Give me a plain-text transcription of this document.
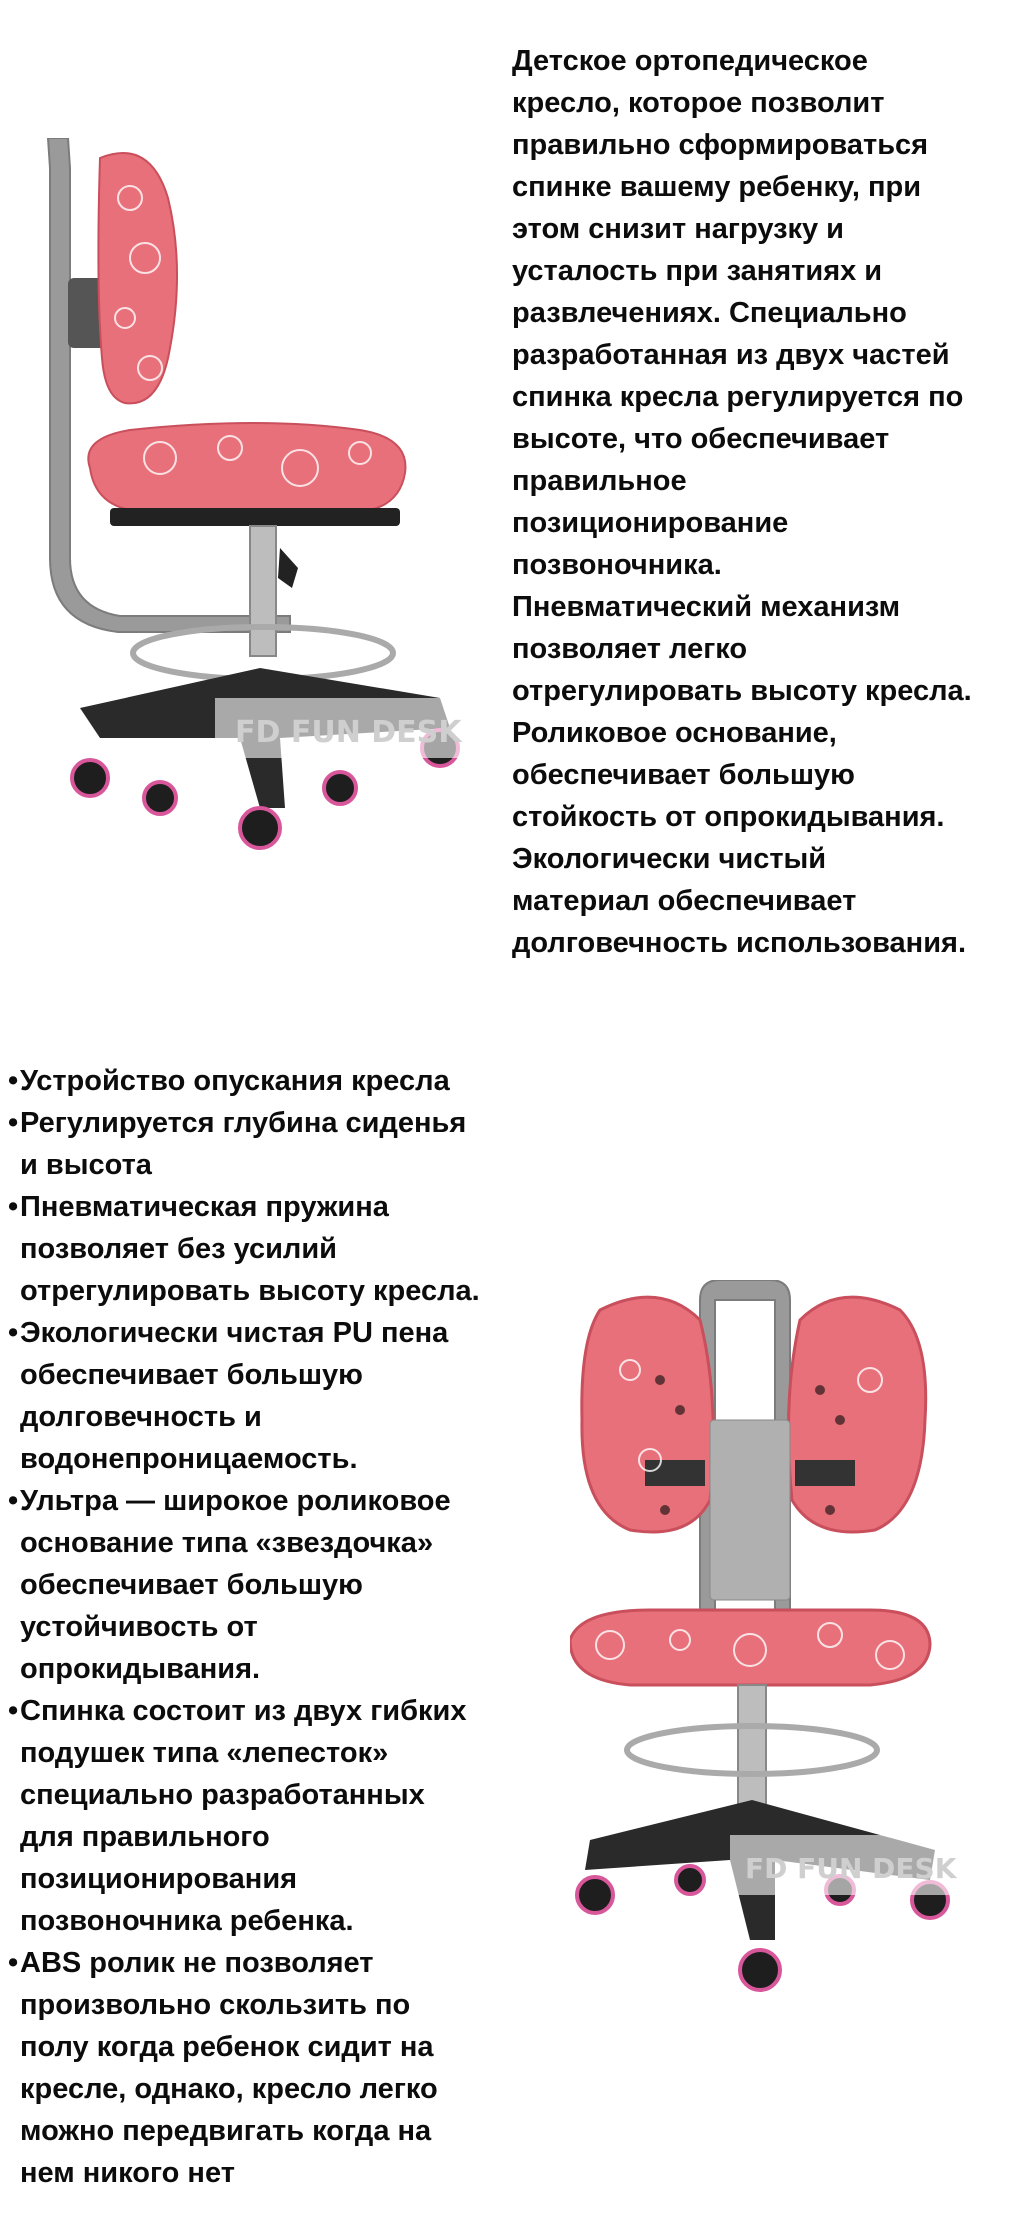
Детское ортопедическое
кресло, которое позволит
правильно сформироваться
спинке вашему ребенку, при
этом снизит нагрузку и
усталость при занятиях и
развлечениях. Специально
разработанная из двух частей
спинка кресла регулируется по
высоте, что обеспечивает
правильное
позиционирование
позвоночника.
Пневматический механизм
позволяет легко
отрегулировать высоту кресла.
Роликовое основание,
обеспечивает большую
стойкость от опрокидывания.
Экологически чистый
материал обеспечивает
долговечность использования.

FD FUN DESK
•Устройство опускания кресла
•Регулируется глубина сиденья
и высота
•Пневматическая пружина
позволяет без усилий
отрегулировать высоту кресла.
•Экологически чистая PU пена
обеспечивает большую
долговечность и
водонепроницаемость.
•Ультра — широкое роликовое
основание типа «звездочка»
обеспечивает большую
устойчивость от
опрокидывания.
•Спинка состоит из двух гибких
подушек типа «лепесток»
специально разработанных
для правильного
позиционирования
позвоночника ребенка.
•ABS ролик не позволяет
произвольно скользить по
полу когда ребенок сидит на
кресле, однако, кресло легко
можно передвигать когда на
нем никого нет
FD FUN DESK
